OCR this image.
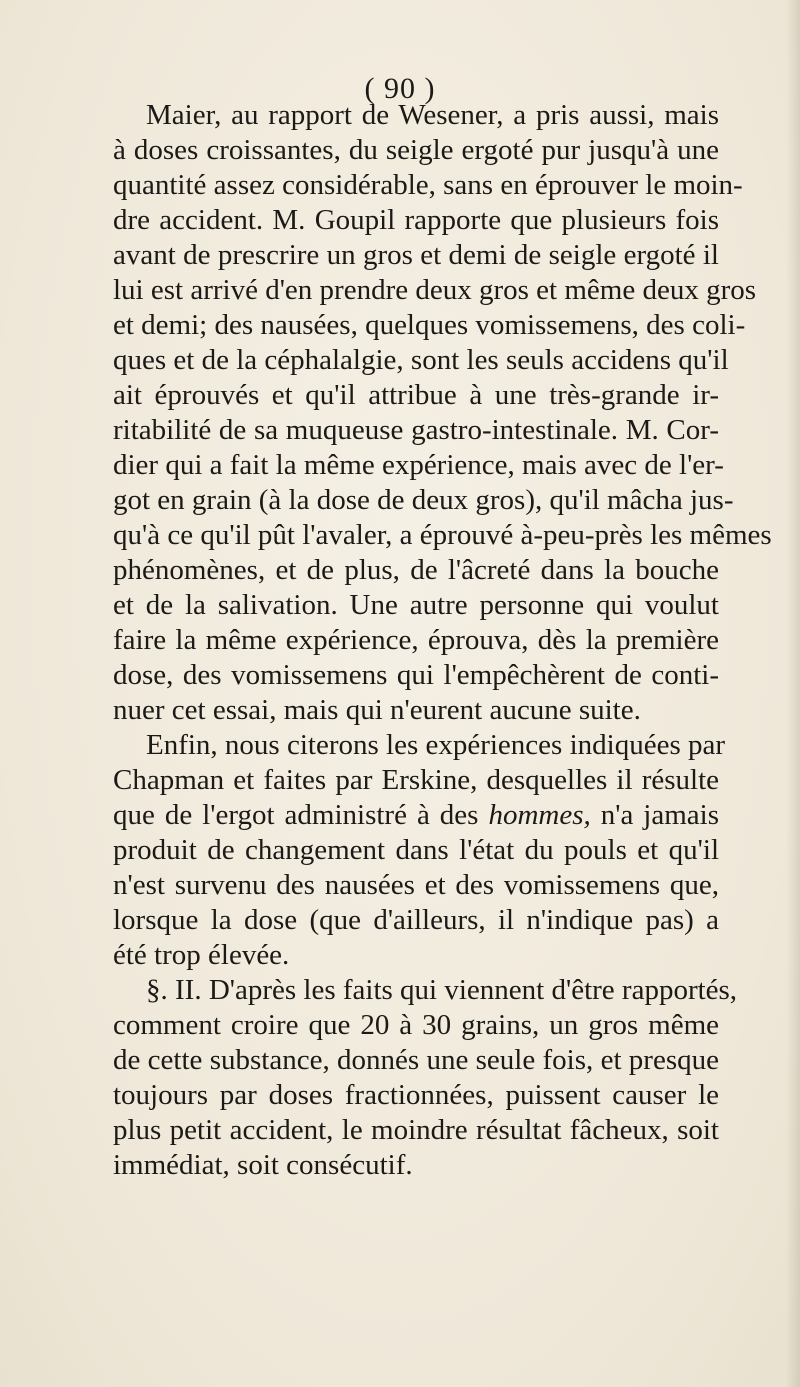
( 90 )
Maier, au rapport de Wesener, a pris aussi, mais
à doses croissantes, du seigle ergoté pur jusqu'à une
quantité assez considérable, sans en éprouver le moin-
dre accident. M. Goupil rapporte que plusieurs fois
avant de prescrire un gros et demi de seigle ergoté il
lui est arrivé d'en prendre deux gros et même deux gros
et demi; des nausées, quelques vomissemens, des coli-
ques et de la céphalalgie, sont les seuls accidens qu'il
ait éprouvés et qu'il attribue à une très-grande ir-
ritabilité de sa muqueuse gastro-intestinale. M. Cor-
dier qui a fait la même expérience, mais avec de l'er-
got en grain (à la dose de deux gros), qu'il mâcha jus-
qu'à ce qu'il pût l'avaler, a éprouvé à-peu-près les mêmes
phénomènes, et de plus, de l'âcreté dans la bouche
et de la salivation. Une autre personne qui voulut
faire la même expérience, éprouva, dès la première
dose, des vomissemens qui l'empêchèrent de conti-
nuer cet essai, mais qui n'eurent aucune suite.
Enfin, nous citerons les expériences indiquées par
Chapman et faites par Erskine, desquelles il résulte
que de l'ergot administré à des hommes, n'a jamais
produit de changement dans l'état du pouls et qu'il
n'est survenu des nausées et des vomissemens que,
lorsque la dose (que d'ailleurs, il n'indique pas) a
été trop élevée.
§. II. D'après les faits qui viennent d'être rapportés,
comment croire que 20 à 30 grains, un gros même
de cette substance, donnés une seule fois, et presque
toujours par doses fractionnées, puissent causer le
plus petit accident, le moindre résultat fâcheux, soit
immédiat, soit consécutif.
